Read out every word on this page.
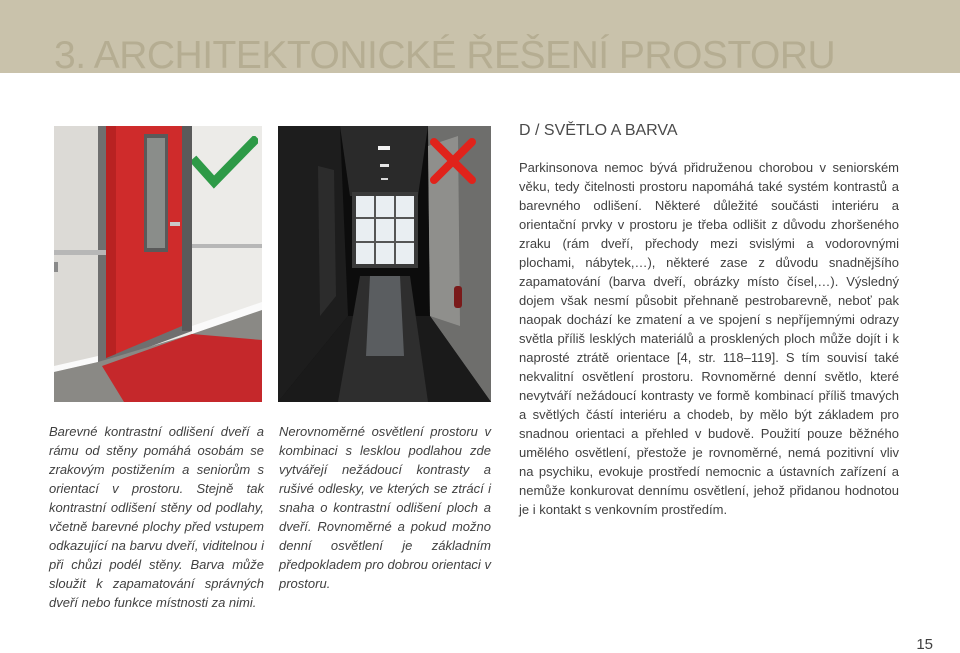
3. ARCHITEKTONICKÉ ŘEŠENÍ PROSTORU

Barevné kontrastní odlišení dveří a rámu od stěny pomáhá osobám se zrakovým postižením a seniorům s orientací v prostoru. Stejně tak kontrastní odlišení stěny od podlahy, včetně barevné plochy před vstupem odkazující na barvu dveří, viditelnou i při chůzi podél stěny. Barva může sloužit k zapamatování správných dveří nebo funkce místnosti za nimi.

Nerovnoměrné osvětlení prostoru v kombinaci s lesklou podlahou zde vytvářejí nežádoucí kontrasty a rušivé odlesky, ve kterých se ztrácí i snaha o kontrastní odlišení ploch a dveří. Rovnoměrné a pokud možno denní osvětlení je základním předpokladem pro dobrou orientaci v prostoru.

D / SVĚTLO A BARVA

Parkinsonova nemoc bývá přidruženou chorobou v seniorském věku, tedy čitelnosti prostoru napomáhá také systém kontrastů a barevného odlišení. Některé důležité součásti interiéru a orientační prvky v prostoru je třeba odlišit z důvodu zhoršeného zraku (rám dveří, přechody mezi svislými a vodorovnými plochami, nábytek,…), některé zase z důvodu snadnějšího zapamatování (barva dveří, obrázky místo čísel,…). Výsledný dojem však nesmí působit přehnaně pestrobarevně, neboť pak naopak dochází ke zmatení a ve spojení s nepříjemnými odrazy světla příliš lesklých materiálů a prosklených ploch může dojít i k naprosté ztrátě orientace [4, str. 118–119]. S tím souvisí také nekvalitní osvětlení prostoru. Rovnoměrné denní světlo, které nevytváří nežádoucí kontrasty ve formě kombinací příliš tmavých a světlých částí interiéru a chodeb, by mělo být základem pro snadnou orientaci a přehled v budově. Použití pouze běžného umělého osvětlení, přestože je rovnoměrné, nemá pozitivní vliv na psychiku, evokuje prostředí nemocnic a ústavních zařízení a nemůže konkurovat dennímu osvětlení, jehož přidanou hodnotou je i kontakt s venkovním prostředím.

15
